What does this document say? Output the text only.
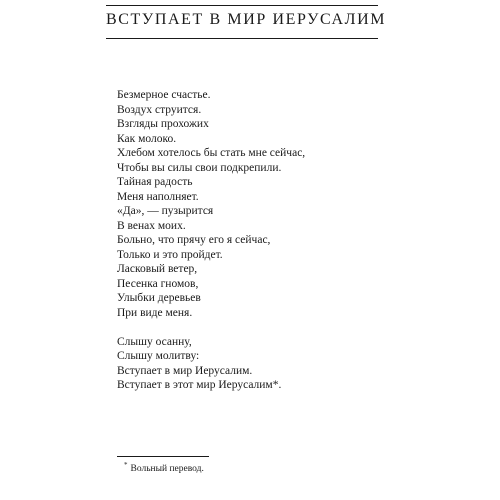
ВСТУПАЕТ В МИР ИЕРУСАЛИМ
Безмерное счастье.
Воздух струится.
Взгляды прохожих
Как молоко.
Хлебом хотелось бы стать мне сейчас,
Чтобы вы силы свои подкрепили.
Тайная радость
Меня наполняет.
«Да», — пузырится
В венах моих.
Больно, что прячу его я сейчас,
Только и это пройдет.
Ласковый ветер,
Песенка гномов,
Улыбки деревьев
При виде меня.
Слышу осанну,
Слышу молитву:
Вступает в мир Иерусалим.
Вступает в этот мир Иерусалим*.
* Вольный перевод.
